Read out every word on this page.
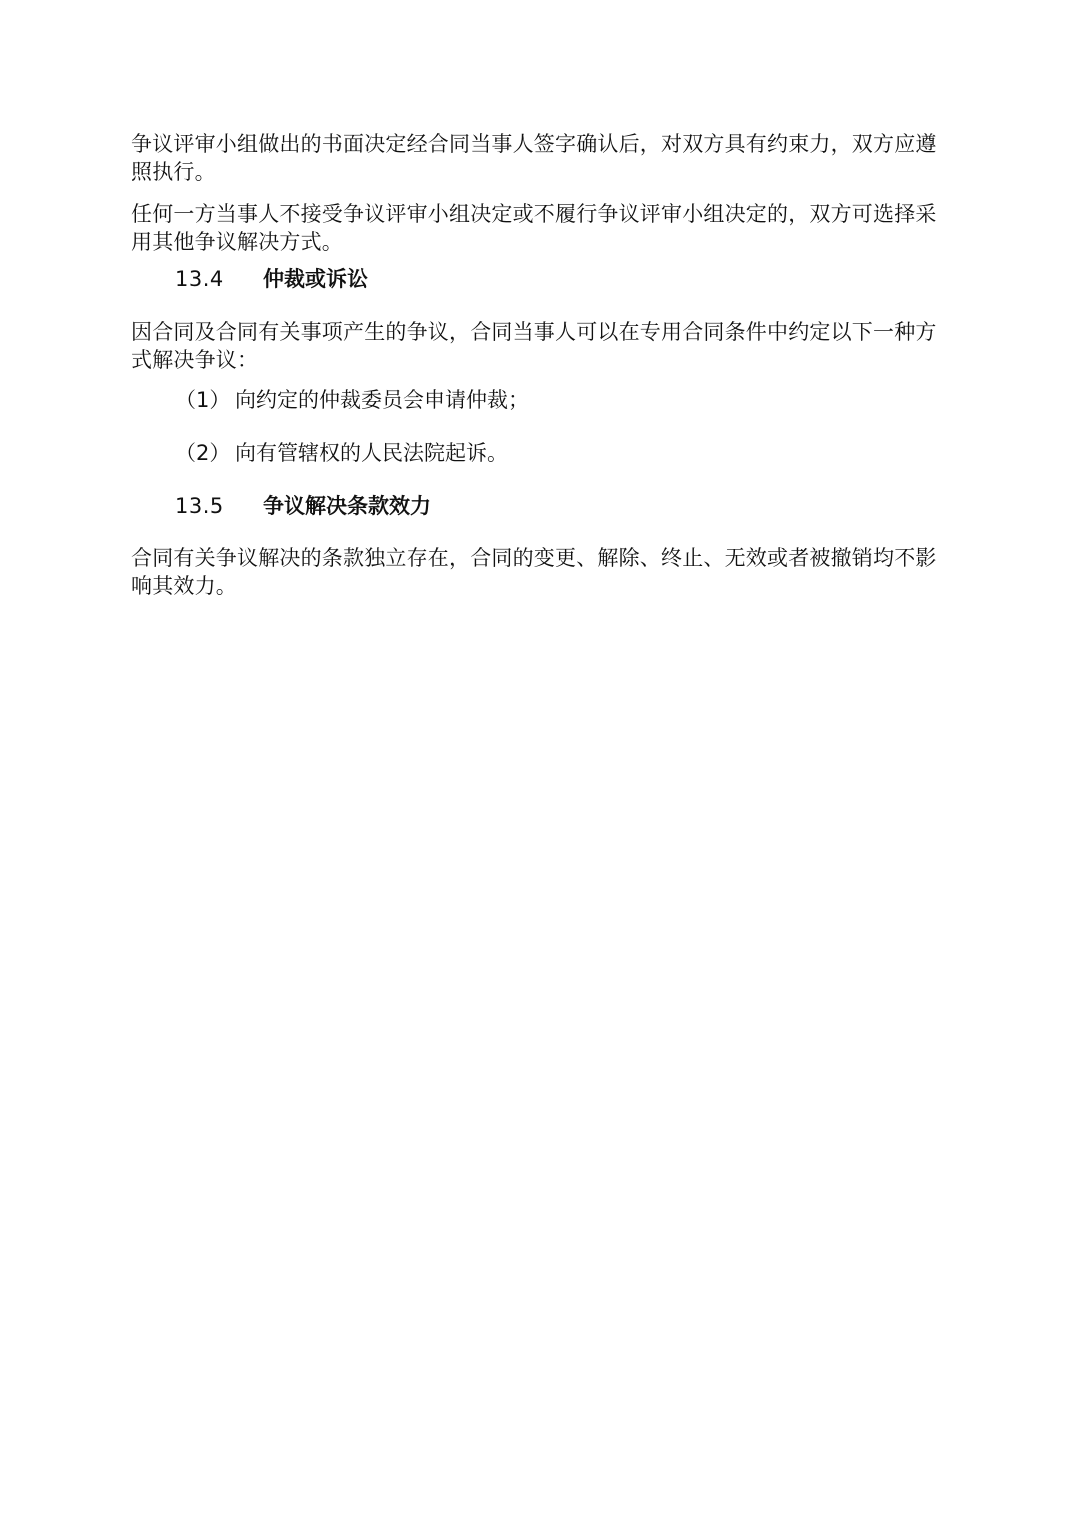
争议评审小组做出的书面决定经合同当事人签字确认后，对双方具有约束力，双方应遵照执行。
任何一方当事人不接受争议评审小组决定或不履行争议评审小组决定的，双方可选择采用其他争议解决方式。
13.4 仲裁或诉讼
因合同及合同有关事项产生的争议，合同当事人可以在专用合同条件中约定以下一种方式解决争议：
（1） 向约定的仲裁委员会申请仲裁；
（2） 向有管辖权的人民法院起诉。
13.5 争议解决条款效力
合同有关争议解决的条款独立存在，合同的变更、解除、终止、无效或者被撤销均不影响其效力。
